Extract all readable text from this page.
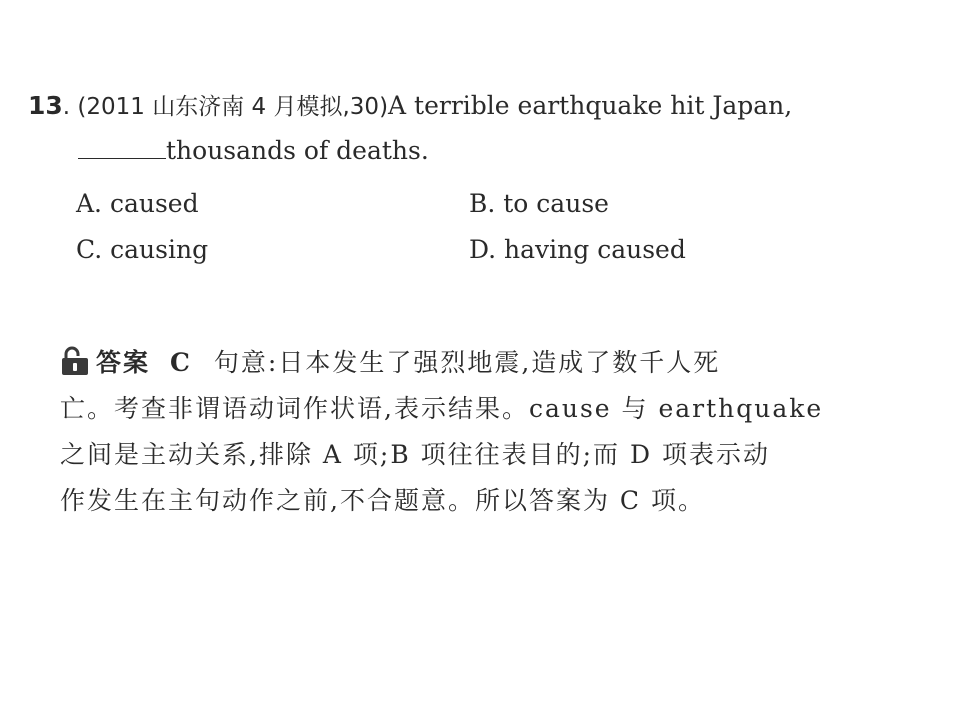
13. (2011 山东济南 4 月模拟,30)A terrible earthquake hit Japan,
thousands of deaths.
A. caused	B. to cause
C. causing	D. having caused
答案 C 句意:日本发生了强烈地震,造成了数千人死
亡。考查非谓语动词作状语,表示结果。cause 与 earthquake
之间是主动关系,排除 A 项;B 项往往表目的;而 D 项表示动
作发生在主句动作之前,不合题意。所以答案为 C 项。
